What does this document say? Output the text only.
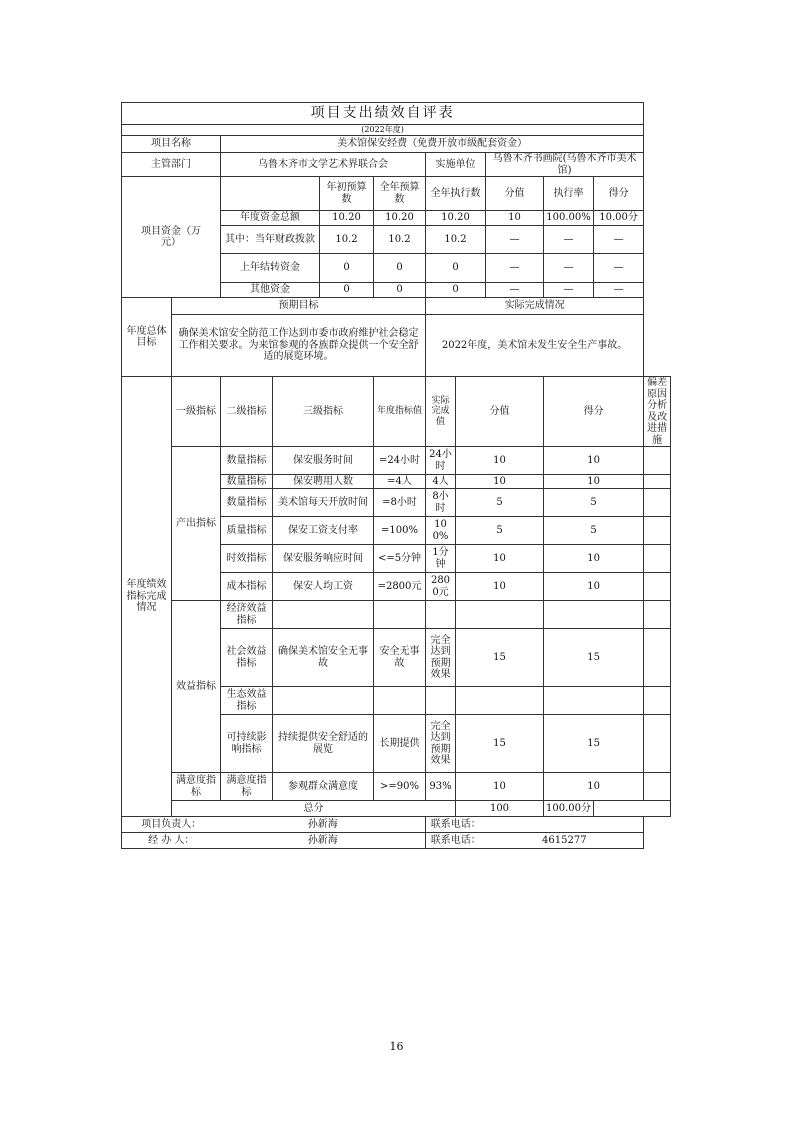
项目支出绩效自评表											
(2022年度)											
项目名称		美术馆保安经费（免费开放市级配套资金）									
主管部门		乌鲁木齐市文学艺术界联合会				实施单位		乌鲁木齐书画院(乌鲁木齐市美术馆)			
项目资金（万元）				年初预算数	全年预算数	全年执行数		分值	执行率	得分	
		年度资金总额		10.20	10.20	10.20		10	100.00%	10.00分	
		其中：当年财政拨款		10.2	10.2	10.2		—	—	—	
		上年结转资金		0	0	0		—	—	—	
		其他资金		0	0	0		—	—	—	
年度总体目标	预期目标					实际完成情况					
	确保美术馆安全防范工作达到市委市政府维护社会稳定工作相关要求。为来馆参观的各族群众提供一个安全舒适的展览环境。					2022年度，美术馆未发生安全生产事故。					
年度绩效指标完成情况	一级指标	二级指标	三级指标		年度指标值	实际完成值	分值		得分		偏差原因分析及改进措施
	产出指标	数量指标	保安服务时间		=24小时	24小时	10		10		
		数量指标	保安聘用人数		=4人	4人	10		10		
		数量指标	美术馆每天开放时间		=8小时	8小时	5		5		
		质量指标	保安工资支付率		=100%	100%	5		5		
		时效指标	保安服务响应时间		<=5分钟	1分钟	10		10		
		成本指标	保安人均工资		=2800元	2800元	10		10		
	效益指标	经济效益指标									
		社会效益指标	确保美术馆安全无事故		安全无事故	完全达到预期效果	15		15		
		生态效益指标									
		可持续影响指标	持续提供安全舒适的展览		长期提供	完全达到预期效果	15		15		
	满意度指标	满意度指标	参观群众满意度		>=90%	93%	10		10		
	总分						100		100.00分		
项目负责人：		孙新海				联系电话：					
经 办 人：		孙新海				联系电话：		4615277			
16
